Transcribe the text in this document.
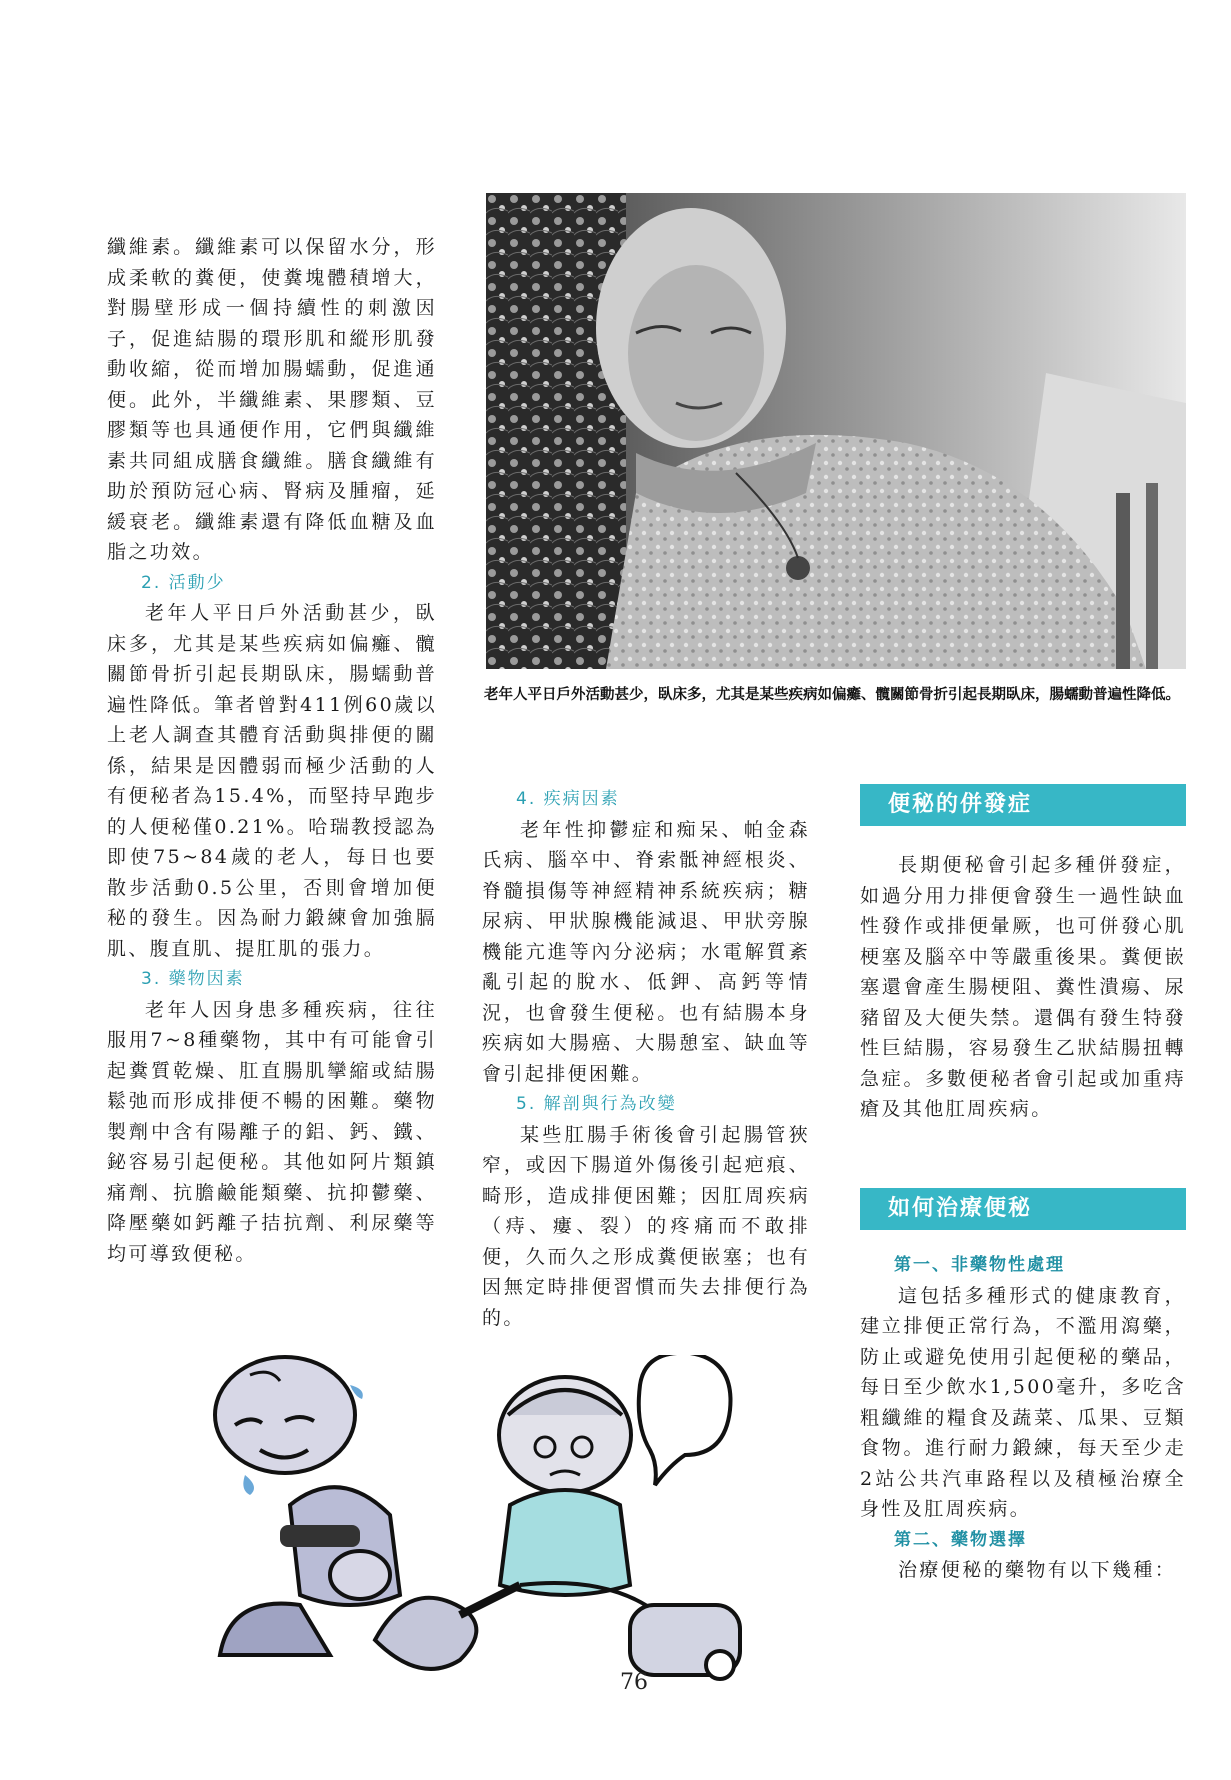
纖維素。纖維素可以保留水分，形成柔軟的糞便，使糞塊體積增大，對腸壁形成一個持續性的刺激因子，促進結腸的環形肌和縱形肌發動收縮，從而增加腸蠕動，促進通便。此外，半纖維素、果膠類、豆膠類等也具通便作用，它們與纖維素共同組成膳食纖維。膳食纖維有助於預防冠心病、腎病及腫瘤，延緩衰老。纖維素還有降低血糖及血脂之功效。

2. 活動少

老年人平日戶外活動甚少，臥床多，尤其是某些疾病如偏癱、髖關節骨折引起長期臥床，腸蠕動普遍性降低。筆者曾對411例60歲以上老人調查其體育活動與排便的關係，結果是因體弱而極少活動的人有便秘者為15.4%，而堅持早跑步的人便秘僅0.21%。哈瑞教授認為即使75~84歲的老人，每日也要散步活動0.5公里，否則會增加便秘的發生。因為耐力鍛練會加強膈肌、腹直肌、提肛肌的張力。

3. 藥物因素

老年人因身患多種疾病，往往服用7~8種藥物，其中有可能會引起糞質乾燥、肛直腸肌攣縮或結腸鬆弛而形成排便不暢的困難。藥物製劑中含有陽離子的鋁、鈣、鐵、鉍容易引起便秘。其他如阿片類鎮痛劑、抗膽鹼能類藥、抗抑鬱藥、降壓藥如鈣離子拮抗劑、利尿藥等均可導致便秘。

老年人平日戶外活動甚少，臥床多，尤其是某些疾病如偏癱、髖關節骨折引起長期臥床，腸蠕動普遍性降低。

4. 疾病因素

老年性抑鬱症和痴呆、帕金森氏病、腦卒中、脊索骶神經根炎、脊髓損傷等神經精神系統疾病；糖尿病、甲狀腺機能減退、甲狀旁腺機能亢進等內分泌病；水電解質紊亂引起的脫水、低鉀、高鈣等情況，也會發生便秘。也有結腸本身疾病如大腸癌、大腸憩室、缺血等會引起排便困難。

5. 解剖與行為改變

某些肛腸手術後會引起腸管狹窄，或因下腸道外傷後引起疤痕、畸形，造成排便困難；因肛周疾病（痔、瘻、裂）的疼痛而不敢排便，久而久之形成糞便嵌塞；也有因無定時排便習慣而失去排便行為的。

便秘的併發症

長期便秘會引起多種併發症，如過分用力排便會發生一過性缺血性發作或排便暈厥，也可併發心肌梗塞及腦卒中等嚴重後果。糞便嵌塞還會產生腸梗阻、糞性潰瘍、尿豬留及大便失禁。還偶有發生特發性巨結腸，容易發生乙狀結腸扭轉急症。多數便秘者會引起或加重痔瘡及其他肛周疾病。

如何治療便秘

第一、非藥物性處理

這包括多種形式的健康教育，建立排便正常行為，不濫用瀉藥，防止或避免使用引起便秘的藥品，每日至少飲水1,500毫升，多吃含粗纖維的糧食及蔬菜、瓜果、豆類食物。進行耐力鍛練，每天至少走2站公共汽車路程以及積極治療全身性及肛周疾病。

第二、藥物選擇

治療便秘的藥物有以下幾種：

76
